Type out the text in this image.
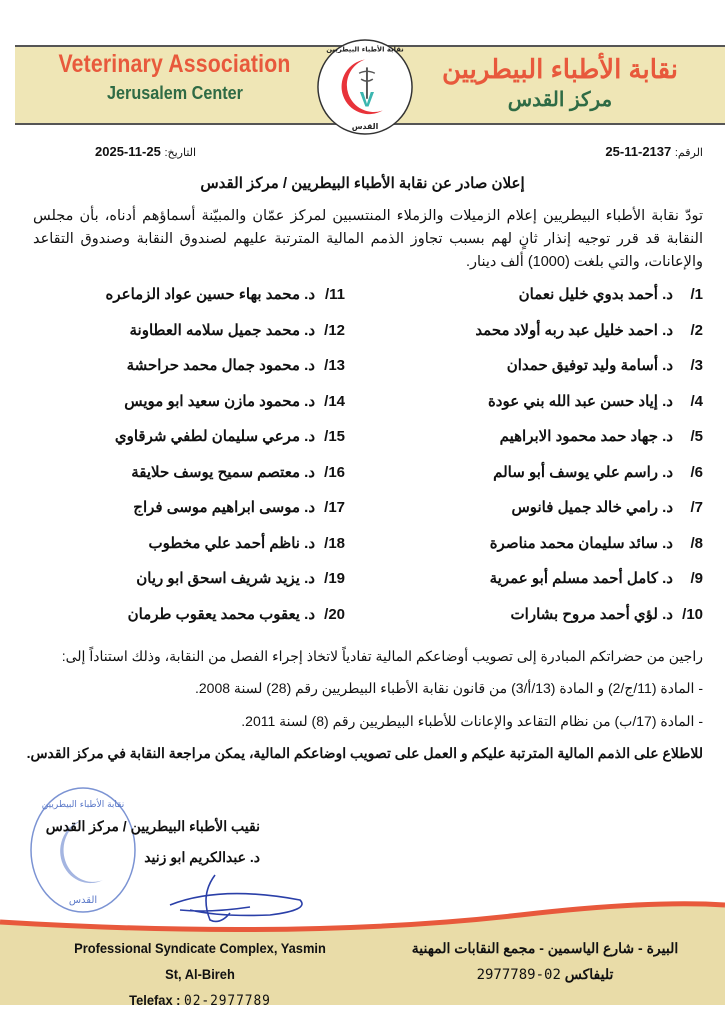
Veterinary Association
Jerusalem Center
نقابة الأطباء البيطريين
مركز القدس
V
القدس
نقابة الأطباء البيطريين
الرقم: 2137-11-25
التاريخ: 25-11-2025
إعلان صادر عن نقابة الأطباء البيطريين / مركز القدس
تودّ نقابة الأطباء البيطريين إعلام الزميلات والزملاء المنتسبين لمركز عمّان والمبيّنة أسماؤهم أدناه، بأن مجلس النقابة قد قرر توجيه إنذار ثانٍ لهم بسبب تجاوز الذمم المالية المترتبة عليهم لصندوق النقابة وصندوق التقاعد والإعانات، والتي بلغت (1000) ألف دينار.
1/د. أحمد بدوي خليل نعمان
2/د. احمد خليل عبد ربه أولاد محمد
3/د. أسامة وليد توفيق حمدان
4/د. إياد حسن عبد الله بني عودة
5/د. جهاد حمد محمود الابراهيم
6/د. راسم علي يوسف أبو سالم
7/د. رامي خالد جميل فانوس
8/د. سائد سليمان محمد مناصرة
9/د. كامل أحمد مسلم أبو عمرية
10/د. لؤي أحمد مروح بشارات
11/د. محمد بهاء حسين عواد الزماعره
12/د. محمد جميل سلامه العطاونة
13/د. محمود جمال محمد حراحشة
14/د. محمود مازن سعيد ابو مويس
15/د. مرعي سليمان لطفي شرقاوي
16/د. معتصم سميح يوسف حلايقة
17/د. موسى ابراهيم موسى فراج
18/د. ناظم أحمد علي مخطوب
19/د. يزيد شريف اسحق ابو ريان
20/د. يعقوب محمد يعقوب طرمان
راجين من حضراتكم المبادرة إلى تصويب أوضاعكم المالية تفادياً لاتخاذ إجراء الفصل من النقابة، وذلك استناداً إلى:
- المادة (11/ج/2) و المادة (13/أ/3) من قانون نقابة الأطباء البيطريين رقم (28) لسنة 2008.
- المادة (17/ب) من نظام التقاعد والإعانات للأطباء البيطريين رقم (8) لسنة 2011.
للاطلاع على الذمم المالية المترتبة عليكم و العمل على تصويب اوضاعكم المالية، يمكن مراجعة النقابة في مركز القدس.
نقابة الأطباء البيطريين
القدس
نقيب الأطباء البيطريين / مركز القدس
د. عبدالكريم ابو زنيد
Professional Syndicate Complex, Yasmin St, Al-Bireh
Telefax : 02-2977789
البيرة - شارع الياسمين - مجمع النقابات المهنية
تليفاكس 02-2977789
